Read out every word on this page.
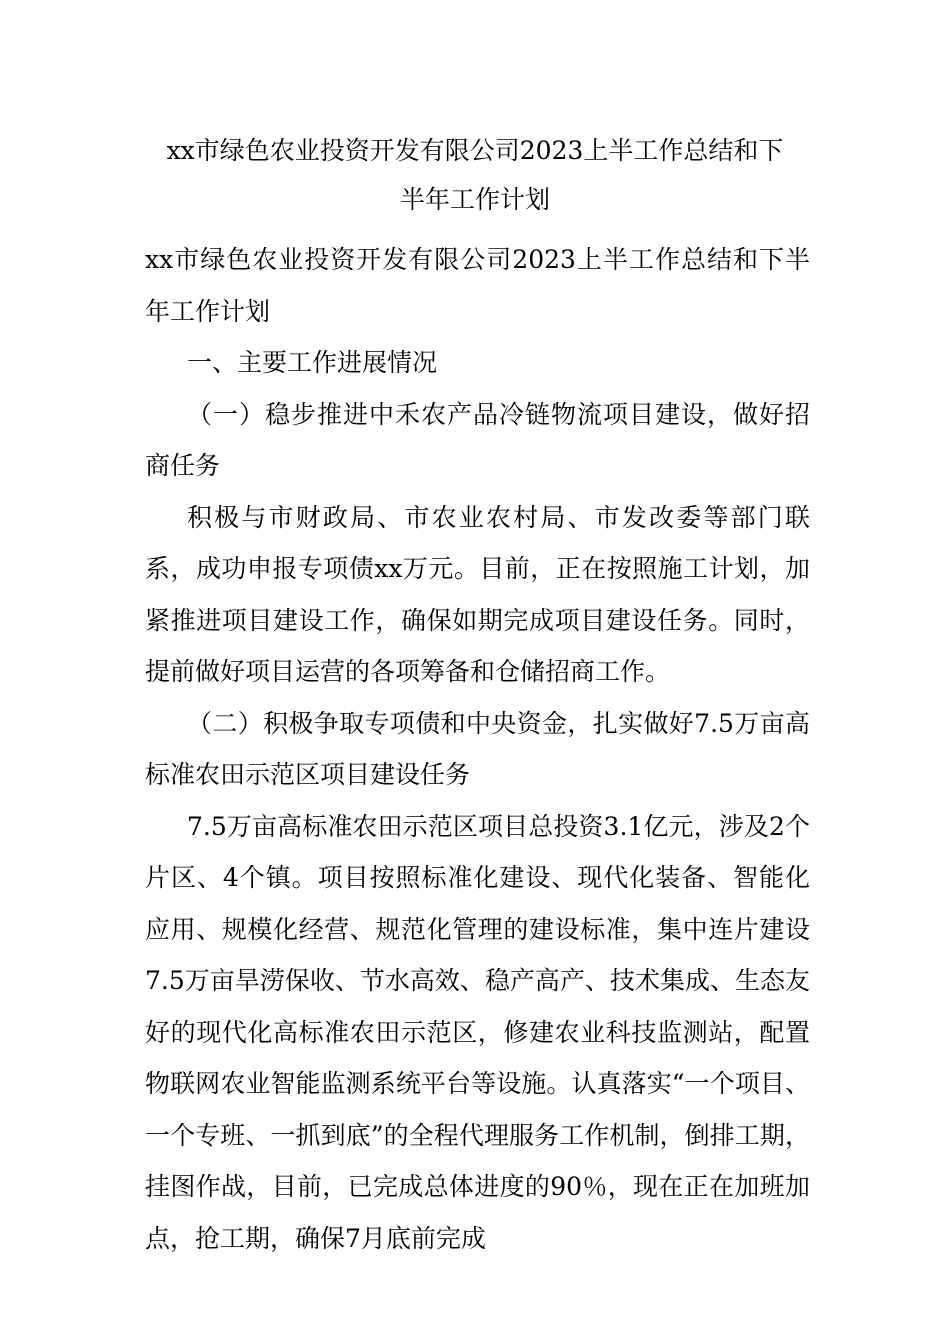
xx市绿色农业投资开发有限公司2023上半工作总结和下
半年工作计划

xx市绿色农业投资开发有限公司2023上半工作总结和下半年工作计划

一、主要工作进展情况

（一）稳步推进中禾农产品冷链物流项目建设，做好招商任务

积极与市财政局、市农业农村局、市发改委等部门联系，成功申报专项债xx万元。目前，正在按照施工计划，加紧推进项目建设工作，确保如期完成项目建设任务。同时，提前做好项目运营的各项筹备和仓储招商工作。

（二）积极争取专项债和中央资金，扎实做好7.5万亩高标准农田示范区项目建设任务

7.5万亩高标准农田示范区项目总投资3.1亿元，涉及2个片区、4个镇。项目按照标准化建设、现代化装备、智能化应用、规模化经营、规范化管理的建设标准，集中连片建设7.5万亩旱涝保收、节水高效、稳产高产、技术集成、生态友好的现代化高标准农田示范区，修建农业科技监测站，配置物联网农业智能监测系统平台等设施。认真落实“一个项目、一个专班、一抓到底”的全程代理服务工作机制，倒排工期，挂图作战，目前，已完成总体进度的90％，现在正在加班加点，抢工期，确保7月底前完成
